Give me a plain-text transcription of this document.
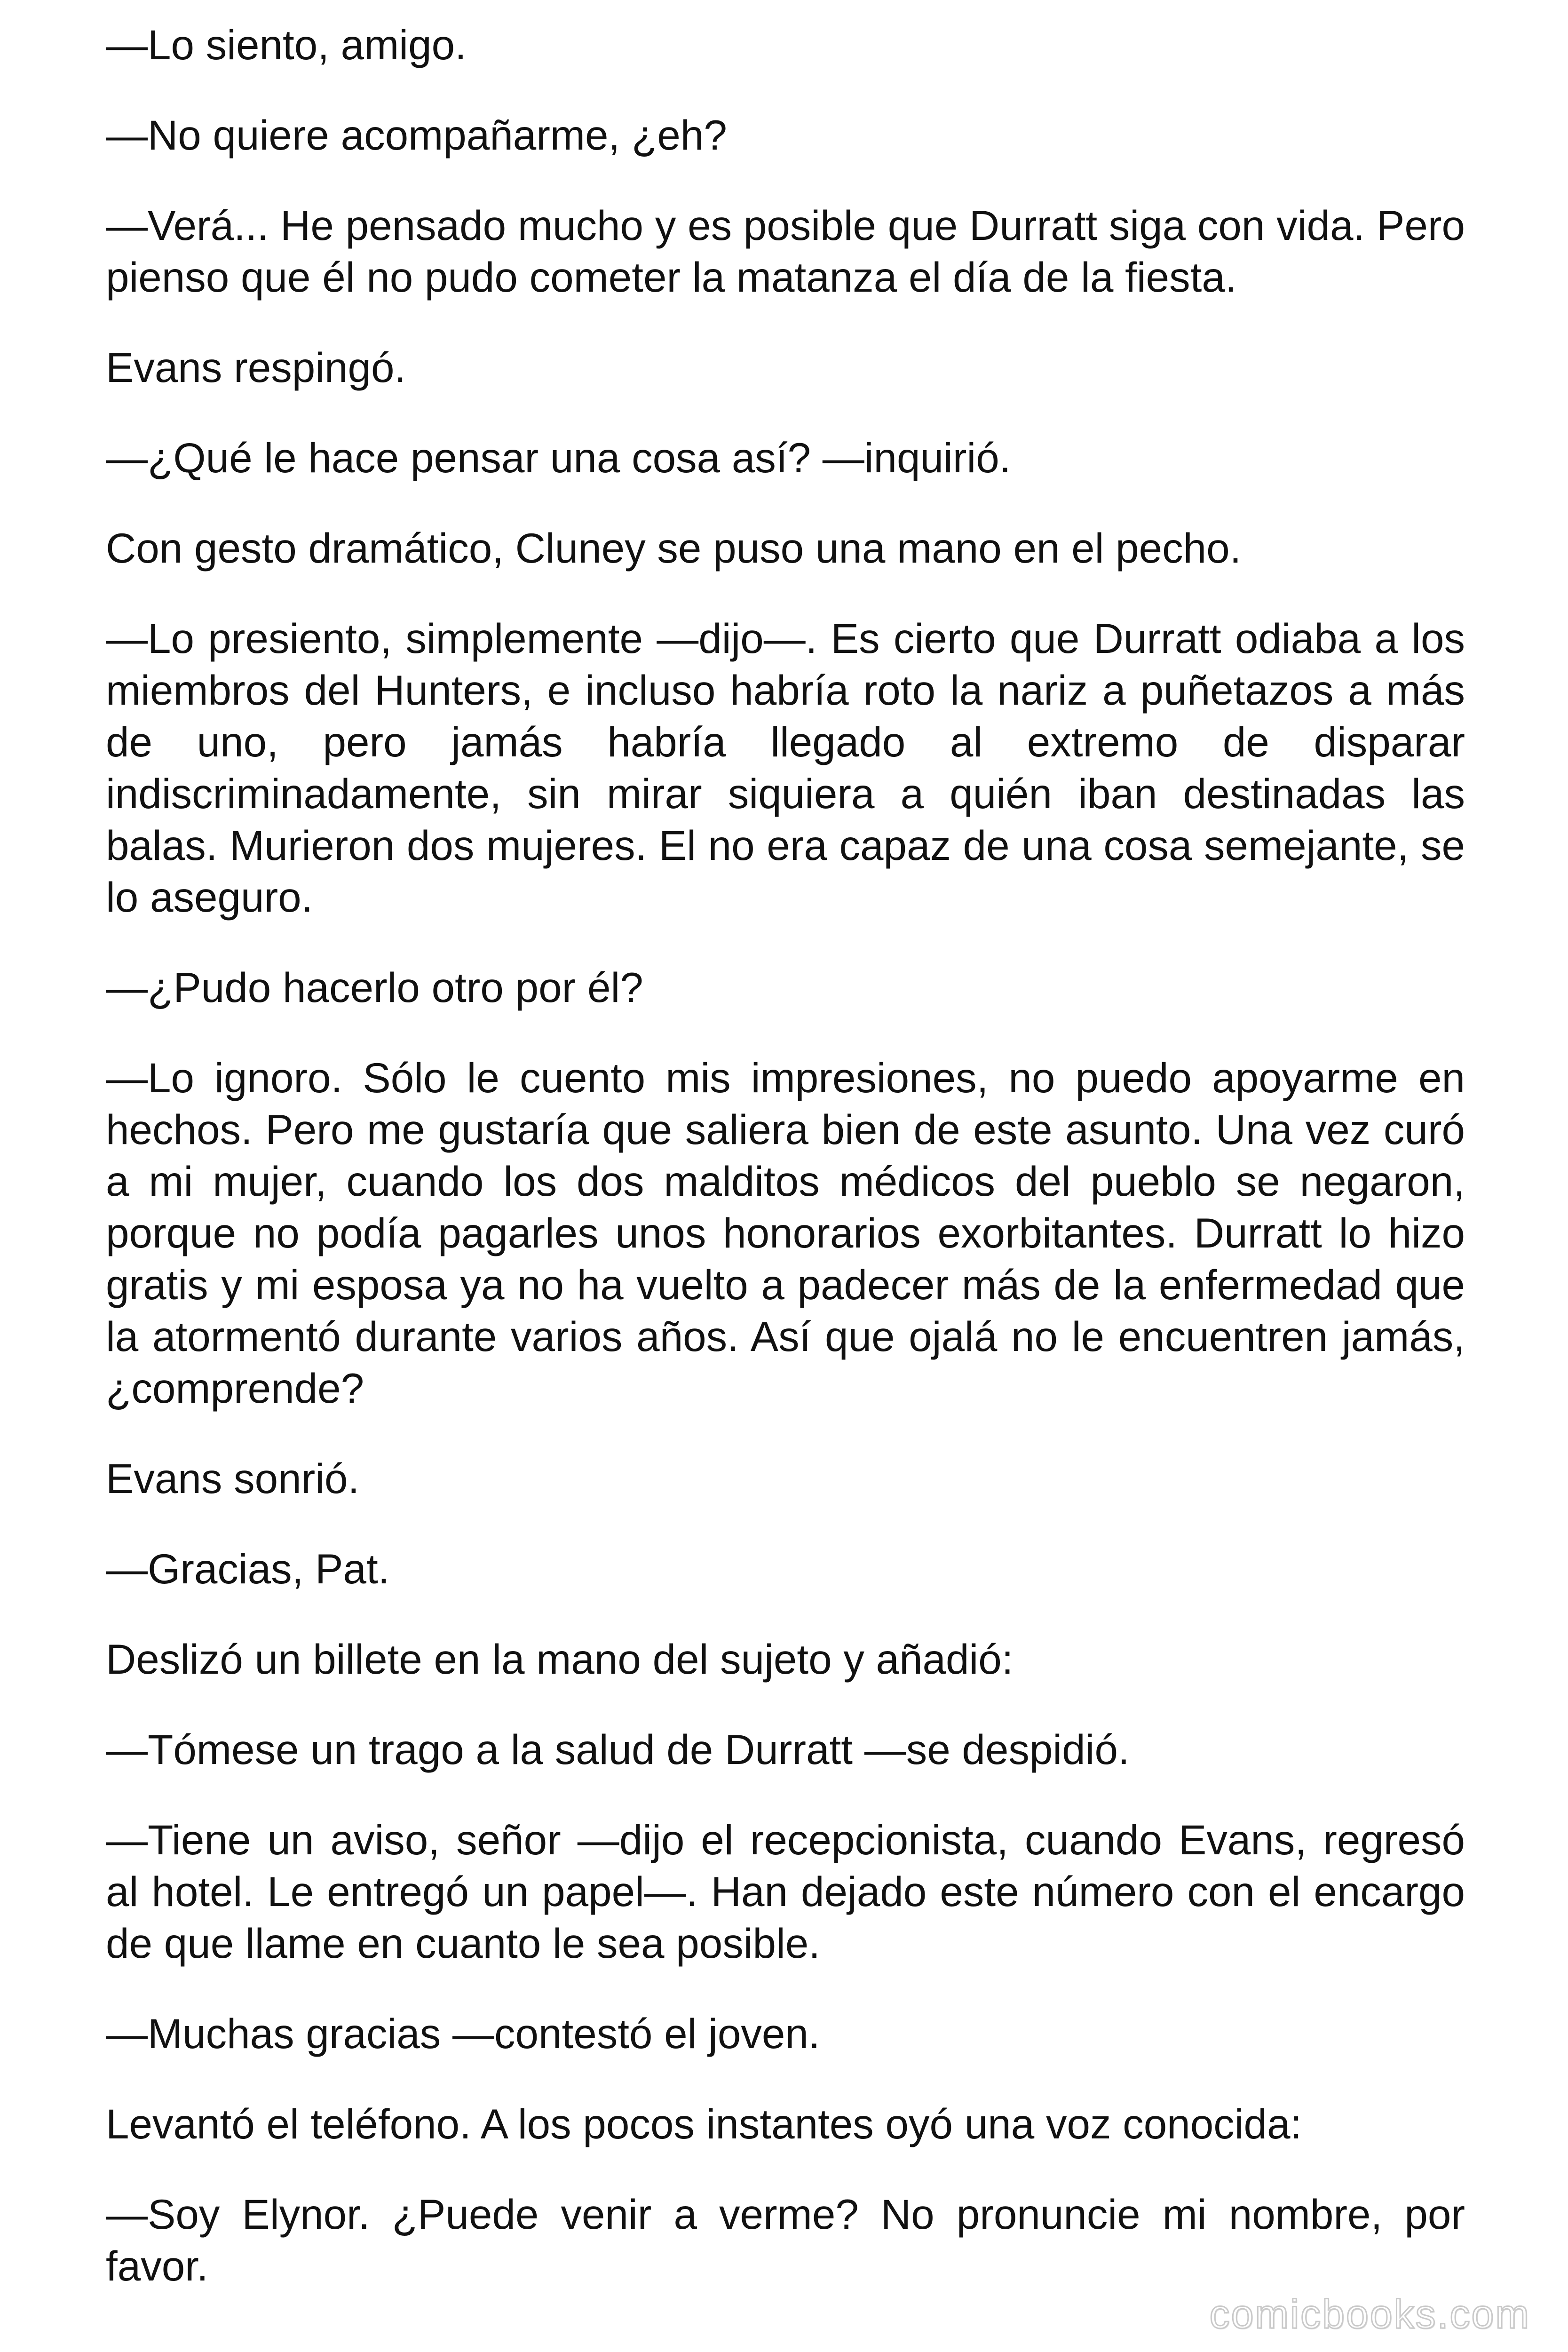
—Lo siento, amigo.

—No quiere acompañarme, ¿eh?

—Verá... He pensado mucho y es posible que Durratt siga con vida. Pero pienso que él no pudo cometer la matanza el día de la fiesta.

Evans respingó.

—¿Qué le hace pensar una cosa así? —inquirió.

Con gesto dramático, Cluney se puso una mano en el pecho.

—Lo presiento, simplemente —dijo—. Es cierto que Durratt odiaba a los miembros del Hunters, e incluso habría roto la nariz a puñetazos a más de uno, pero jamás habría llegado al extremo de disparar indiscriminadamente, sin mirar siquiera a quién iban destinadas las balas. Murieron dos mujeres. El no era capaz de una cosa semejante, se lo aseguro.

—¿Pudo hacerlo otro por él?

—Lo ignoro. Sólo le cuento mis impresiones, no puedo apoyarme en hechos. Pero me gustaría que saliera bien de este asunto. Una vez curó a mi mujer, cuando los dos malditos médicos del pueblo se negaron, porque no podía pagarles unos honorarios exorbitantes. Durratt lo hizo gratis y mi esposa ya no ha vuelto a padecer más de la enfermedad que la atormentó durante varios años. Así que ojalá no le encuentren jamás, ¿comprende?

Evans sonrió.

—Gracias, Pat.

Deslizó un billete en la mano del sujeto y añadió:

—Tómese un trago a la salud de Durratt —se despidió.

—Tiene un aviso, señor —dijo el recepcionista, cuando Evans, regresó al hotel. Le entregó un papel—. Han dejado este número con el encargo de que llame en cuanto le sea posible.

—Muchas gracias —contestó el joven.

Levantó el teléfono. A los pocos instantes oyó una voz conocida:

—Soy Elynor. ¿Puede venir a verme? No pronuncie mi nombre, por favor.

comicbooks.com
